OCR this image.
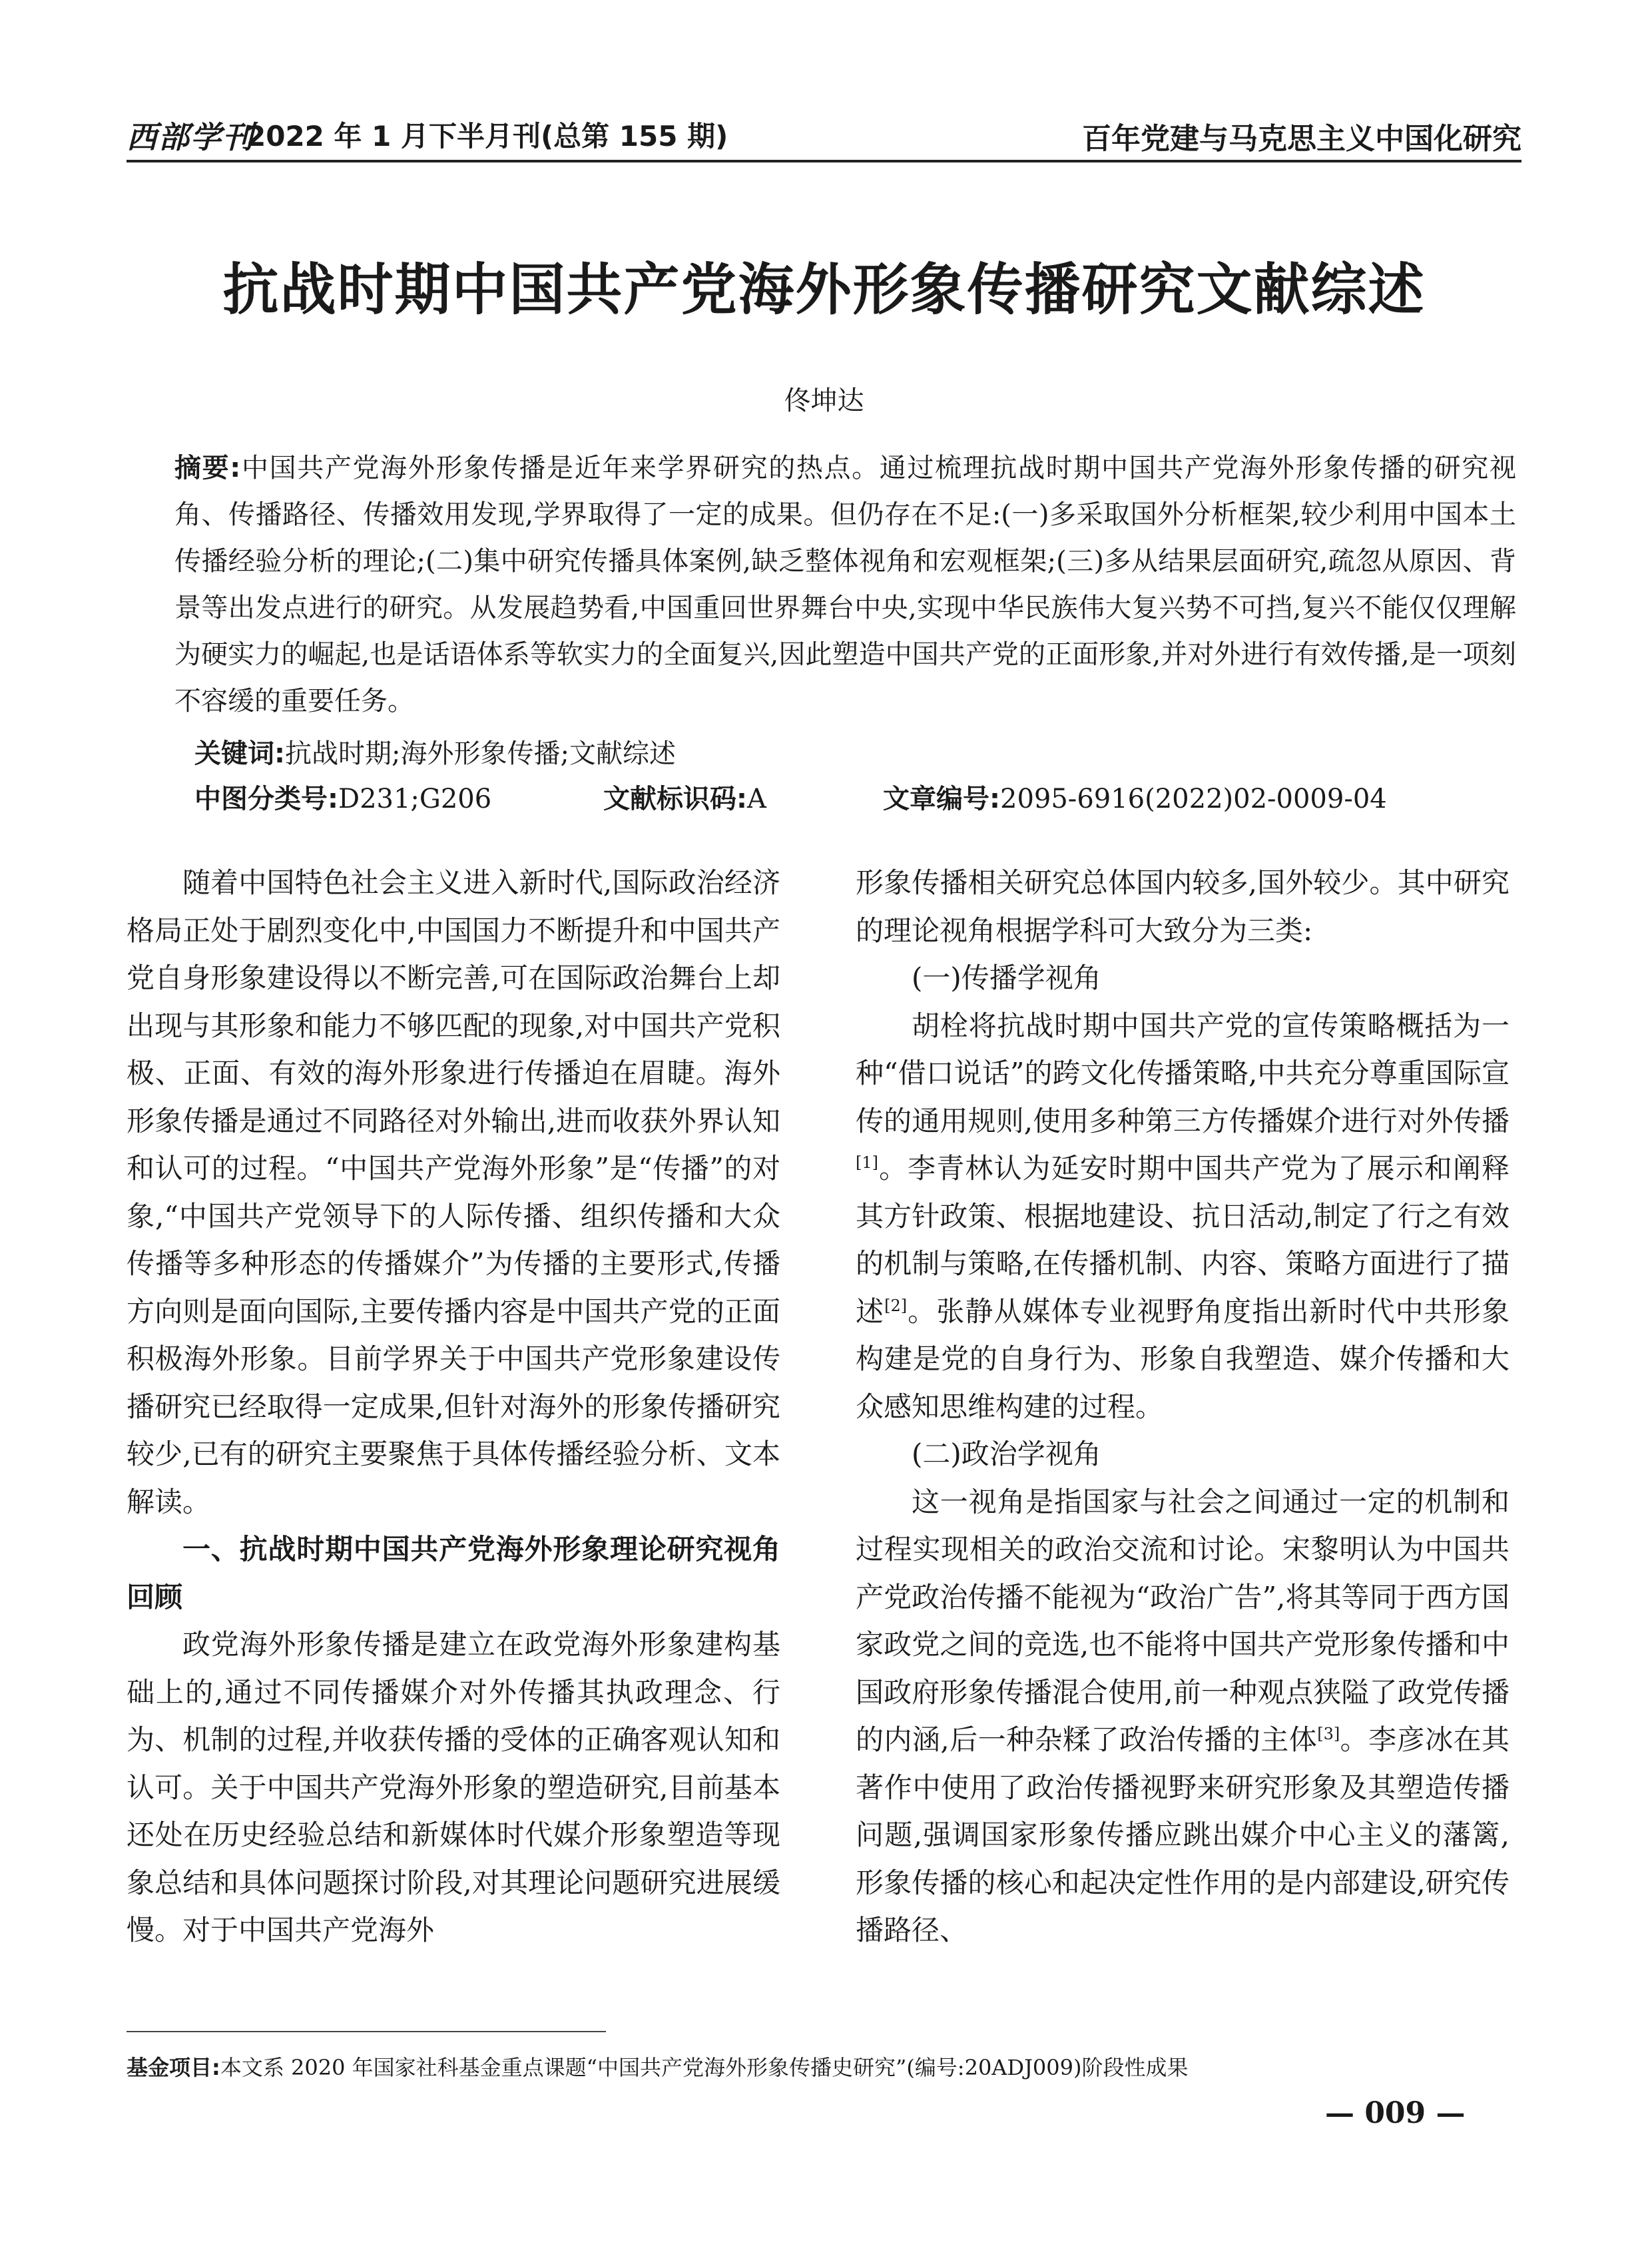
西部学刊
2022 年 1 月下半月刊(总第 155 期)	百年党建与马克思主义中国化研究
抗战时期中国共产党海外形象传播研究文献综述
佟坤达
摘要:中国共产党海外形象传播是近年来学界研究的热点。通过梳理抗战时期中国共产党海外形象传播的研究视角、传播路径、传播效用发现,学界取得了一定的成果。但仍存在不足:(一)多采取国外分析框架,较少利用中国本土传播经验分析的理论;(二)集中研究传播具体案例,缺乏整体视角和宏观框架;(三)多从结果层面研究,疏忽从原因、背景等出发点进行的研究。从发展趋势看,中国重回世界舞台中央,实现中华民族伟大复兴势不可挡,复兴不能仅仅理解为硬实力的崛起,也是话语体系等软实力的全面复兴,因此塑造中国共产党的正面形象,并对外进行有效传播,是一项刻不容缓的重要任务。
关键词:抗战时期;海外形象传播;文献综述
中图分类号:D231;G206	文献标识码:A	文章编号:2095-6916(2022)02-0009-04

随着中国特色社会主义进入新时代,国际政治经济格局正处于剧烈变化中,中国国力不断提升和中国共产党自身形象建设得以不断完善,可在国际政治舞台上却出现与其形象和能力不够匹配的现象,对中国共产党积极、正面、有效的海外形象进行传播迫在眉睫。海外形象传播是通过不同路径对外输出,进而收获外界认知和认可的过程。“中国共产党海外形象”是“传播”的对象,“中国共产党领导下的人际传播、组织传播和大众传播等多种形态的传播媒介”为传播的主要形式,传播方向则是面向国际,主要传播内容是中国共产党的正面积极海外形象。目前学界关于中国共产党形象建设传播研究已经取得一定成果,但针对海外的形象传播研究较少,已有的研究主要聚焦于具体传播经验分析、文本解读。

一、抗战时期中国共产党海外形象理论研究视角回顾

政党海外形象传播是建立在政党海外形象建构基础上的,通过不同传播媒介对外传播其执政理念、行为、机制的过程,并收获传播的受体的正确客观认知和认可。关于中国共产党海外形象的塑造研究,目前基本还处在历史经验总结和新媒体时代媒介形象塑造等现象总结和具体问题探讨阶段,对其理论问题研究进展缓慢。对于中国共产党海外

形象传播相关研究总体国内较多,国外较少。其中研究的理论视角根据学科可大致分为三类:

(一)传播学视角

胡栓将抗战时期中国共产党的宣传策略概括为一种“借口说话”的跨文化传播策略,中共充分尊重国际宣传的通用规则,使用多种第三方传播媒介进行对外传播[1]。李青林认为延安时期中国共产党为了展示和阐释其方针政策、根据地建设、抗日活动,制定了行之有效的机制与策略,在传播机制、内容、策略方面进行了描述[2]。张静从媒体专业视野角度指出新时代中共形象构建是党的自身行为、形象自我塑造、媒介传播和大众感知思维构建的过程。

(二)政治学视角

这一视角是指国家与社会之间通过一定的机制和过程实现相关的政治交流和讨论。宋黎明认为中国共产党政治传播不能视为“政治广告”,将其等同于西方国家政党之间的竞选,也不能将中国共产党形象传播和中国政府形象传播混合使用,前一种观点狭隘了政党传播的内涵,后一种杂糅了政治传播的主体[3]。李彦冰在其著作中使用了政治传播视野来研究形象及其塑造传播问题,强调国家形象传播应跳出媒介中心主义的藩篱,形象传播的核心和起决定性作用的是内部建设,研究传播路径、

基金项目:本文系 2020 年国家社科基金重点课题“中国共产党海外形象传播史研究”(编号:20ADJ009)阶段性成果
— 009 —
